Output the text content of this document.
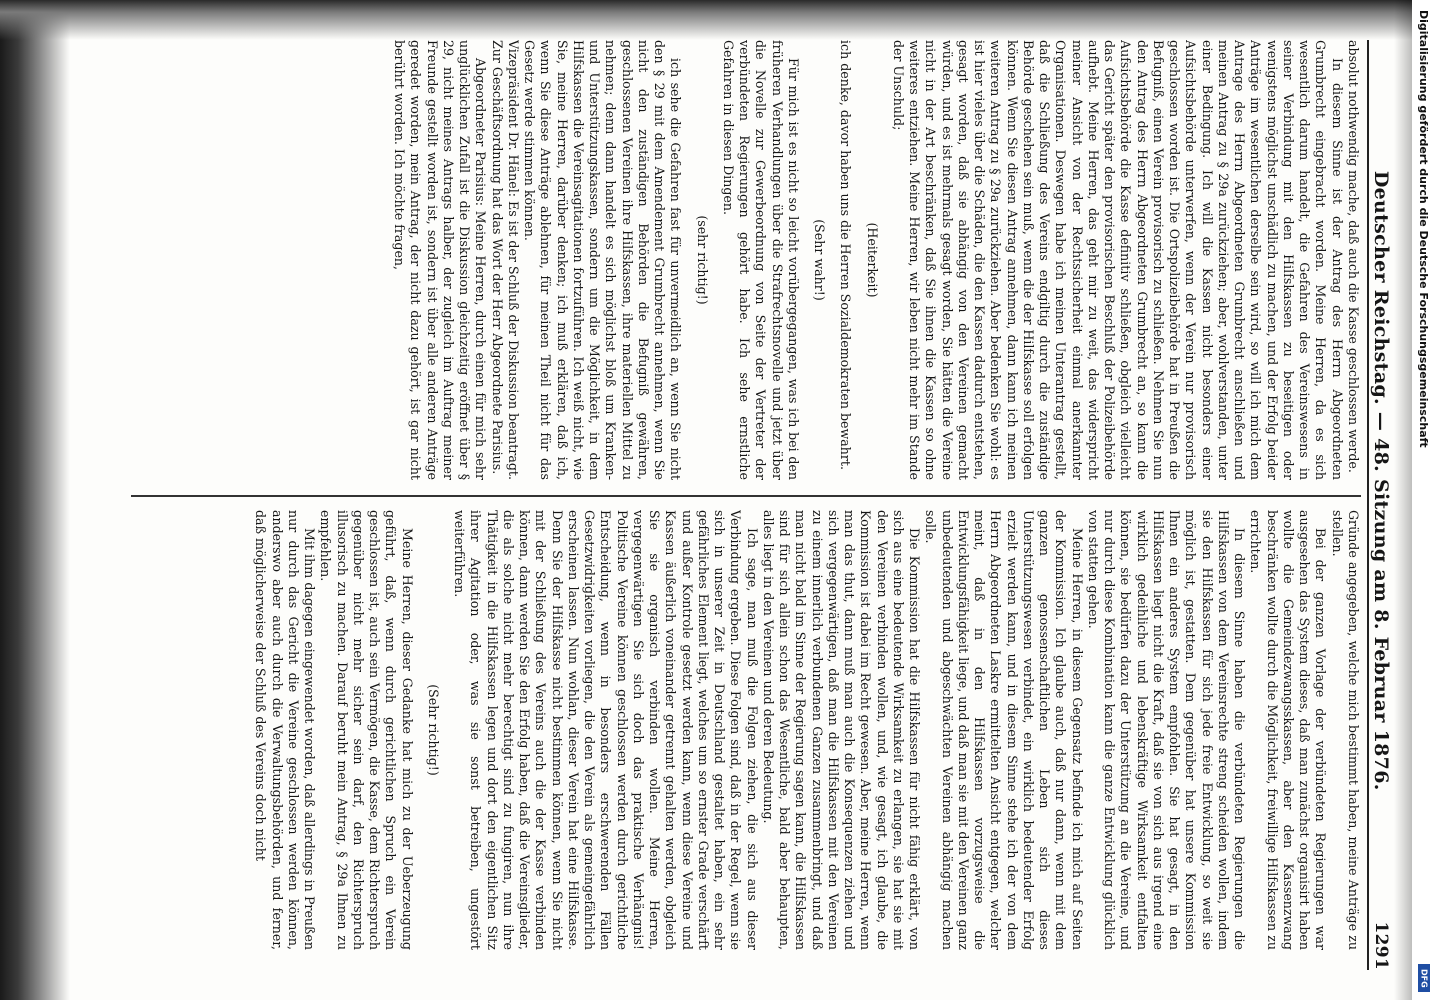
Deutscher Reichstag. — 48. Sitzung am 8. Februar 1876.
1291

absolut nothwendig mache, daß auch die Kasse geschlossen werde.

In diesem Sinne ist der Antrag des Herrn Abgeordneten Grumbrecht eingebracht worden. Meine Herren, da es sich wesentlich darum handelt, die Gefahren des Vereinswesens in seiner Verbindung mit den Hilfskassen zu beseitigen oder wenigstens möglichst unschädlich zu machen, und der Erfolg beider Anträge im wesentlichen derselbe sein wird, so will ich mich dem Antrage des Herrn Abgeordneten Grumbrecht anschließen und meinen Antrag zu § 29a zurückziehen; aber, wohlverstanden, unter einer Bedingung. Ich will die Kassen nicht besonders einer Aufsichtsbehörde unterwerfen, wenn der Verein nur provisorisch geschlossen worden ist. Die Ortspolizeibehörde hat in Preußen die Befugniß, einen Verein provisorisch zu schließen. Nehmen Sie nun den Antrag des Herrn Abgeordneten Grumbrecht an, so kann die Aufsichtsbehörde die Kasse definitiv schließen, obgleich vielleicht das Gericht später den provisorischen Beschluß der Polizeibehörde aufhebt. Meine Herren, das geht mir zu weit, das widerspricht meiner Ansicht von der Rechtssicherheit einmal anerkannter Organisationen. Deswegen habe ich meinen Unterantrag gestellt, daß die Schließung des Vereins endgiltig durch die zuständige Behörde geschehen sein muß, wenn die der Hilfskasse soll erfolgen können. Wenn Sie diesen Antrag annehmen, dann kann ich meinen weiteren Antrag zu § 29a zurückziehen. Aber bedenken Sie wohl: es ist hier vieles über die Schäden, die den Kassen dadurch entstehen, gesagt worden, daß sie abhängig von den Vereinen gemacht würden, und es ist mehrmals gesagt worden, Sie hätten die Vereine nicht in der Art beschränken, daß Sie ihnen die Kassen so ohne weiteres entziehen. Meine Herren, wir leben nicht mehr im Stande der Unschuld;

(Heiterkeit)

ich denke, davor haben uns die Herren Sozialdemokraten bewahrt.

(Sehr wahr!)

Für mich ist es nicht so leicht vorübergegangen, was ich bei den früheren Verhandlungen über die Strafrechtsnovelle und jetzt über die Novelle zur Gewerbeordnung von Seite der Vertreter der verbündeten Regierungen gehört habe. Ich sehe ernstliche Gefahren in diesen Dingen.

(sehr richtig!)

ich sehe die Gefahren fast für unvermeidlich an, wenn Sie nicht den § 29 mit dem Amendement Grumbrecht annehmen, wenn Sie nicht den zuständigen Behörden die Befugniß gewähren, geschlossenen Vereinen ihre Hilfskassen, ihre materiellen Mittel zu nehmen; denn dann handelt es sich möglichst bloß um Kranken- und Unterstützungskassen, sondern um die Möglichkeit, in dem Hilfskassen die Vereinsagitationen fortzuführen. Ich weiß nicht, wie Sie, meine Herren, darüber denken; ich muß erklären, daß ich, wenn Sie diese Anträge ablehnen, für meinen Theil nicht für das Gesetz werde stimmen können.

Vizepräsident Dr. Hänel: Es ist der Schluß der Diskussion beantragt. Zur Geschäftsordnung hat das Wort der Herr Abgeordnete Parisius.

Abgeordneter Parisius: Meine Herren, durch einen für mich sehr unglücklichen Zufall ist die Diskussion gleichzeitig eröffnet über § 29, nicht meines Antrags halber, der zugleich im Auftrag meiner Freunde gestellt worden ist, sondern ist über alle anderen Anträge geredet worden, mein Antrag, der nicht dazu gehört, ist gar nicht berührt worden. Ich möchte fragen,

Gründe angegeben, welche mich bestimmt haben, meine Anträge zu stellen.

Bei der ganzen Vorlage der verbündeten Regierungen war ausgesehen das System dieses, daß man zunächst organisirt haben wollte die Gemeindezwangsskassen, aber den Kassenzwang beschränken wollte durch die Möglichkeit, freiwillige Hilfskassen zu errichten.

In diesem Sinne haben die verbündeten Regierungen die Hilfskassen von dem Vereinsrechte streng scheiden wollen, indem sie den Hilfskassen für sich jede freie Entwicklung, so weit sie möglich ist, gestatten. Dem gegenüber hat unsere Kommission Ihnen ein anderes System empfohlen. Sie hat gesagt, in den Hilfskassen liegt nicht die Kraft, daß sie von sich aus irgend eine wirklich gedeihliche und lebenskräftige Wirksamkeit entfalten können, sie bedürfen dazu der Unterstützung an die Vereine, und nur durch diese Kombination kann die ganze Entwicklung glücklich von statten gehen.

Meine Herren, in diesem Gegensatz befinde ich mich auf Seiten der Kommission. Ich glaube auch, daß nur dann, wenn mit dem ganzen genossenschaftlichen Leben sich dieses Unterstützungswesen verbindet, ein wirklich bedeutender Erfolg erzielt werden kann, und in diesem Sinne stehe ich der von dem Herrn Abgeordneten Laskre ermittelten Ansicht entgegen, welcher meint, daß in den Hilfskassen vorzugsweise die Entwicklungsfähigkeit liege, und daß man sie mit den Vereinen ganz unbedeutenden und abgeschwächten Vereinen abhängig machen solle.

Die Kommission hat die Hilfskassen für nicht fähig erklärt, von sich aus eine bedeutende Wirksamkeit zu erlangen, sie hat sie mit den Vereinen verbinden wollen, und, wie gesagt, ich glaube, die Kommission ist dabei im Recht gewesen. Aber, meine Herren, wenn man das thut, dann muß man auch die Konsequenzen ziehen und sich vergegenwärtigen, daß man die Hilfskassen mit den Vereinen zu einem innerlich verbundenen Ganzen zusammenbringt, und daß man nicht bald im Sinne der Regierung sagen kann, die Hilfskassen sind für sich allein schon das Wesentliche, bald aber behaupten, alles liegt in den Vereinen und deren Bedeutung.

Ich sage, man muß die Folgen ziehen, die sich aus dieser Verbindung ergeben. Diese Folgen sind, daß in der Regel, wenn sie sich in unserer Zeit in Deutschland gestaltet haben, ein sehr gefährliches Element liegt, welches um so ernster Grade verschärft und außer Kontrole gesetzt werden kann, wenn diese Vereine und Kassen äußerlich voneinander getrennt gehalten werden, obgleich Sie sie organisch verbinden wollen. Meine Herren, vergegenwärtigen Sie sich doch das praktische Verhängnis! Politische Vereine können geschlossen werden durch gerichtliche Entscheidung, wenn in besonders erschwerenden Fällen Gesetzwidrigkeiten vorliegen, die den Verein als gemeingefährlich erscheinen lassen. Nun wohlan, dieser Verein hat eine Hilfskasse. Denn Sie der Hilfskasse nicht bestimmen können, wenn Sie nicht mit der Schließung des Vereins auch die der Kasse verbinden können, dann werden Sie den Erfolg haben, daß die Vereinsglieder, die als solche nicht mehr berechtigt sind zu fungiren, nun ihre Thätigkeit in die Hilfskassen legen und dort den eigentlichen Sitz ihrer Agitation oder, was sie sonst betreiben, ungestört weiterführen.

(Sehr richtig!)

Meine Herren, dieser Gedanke hat mich zu der Ueberzeugung geführt, daß, wenn durch gerichtlichen Spruch ein Verein geschlossen ist, auch sein Vermögen, die Kasse, dem Richterspruch gegenüber nicht mehr sicher sein darf, den Richterspruch illusorisch zu machen. Darauf beruht mein Antrag, § 29a Ihnen zu empfehlen.

Mit ihm dagegen eingewendet worden, daß allerdings in Preußen nur durch das Gericht die Vereine geschlossen werden können, anderswo aber auch durch die Verwaltungsbehörden, und ferner, daß möglicherweise der Schluß des Vereins doch nicht

Digitalisierung gefördert durch die Deutsche Forschungsgemeinschaft
DFG
